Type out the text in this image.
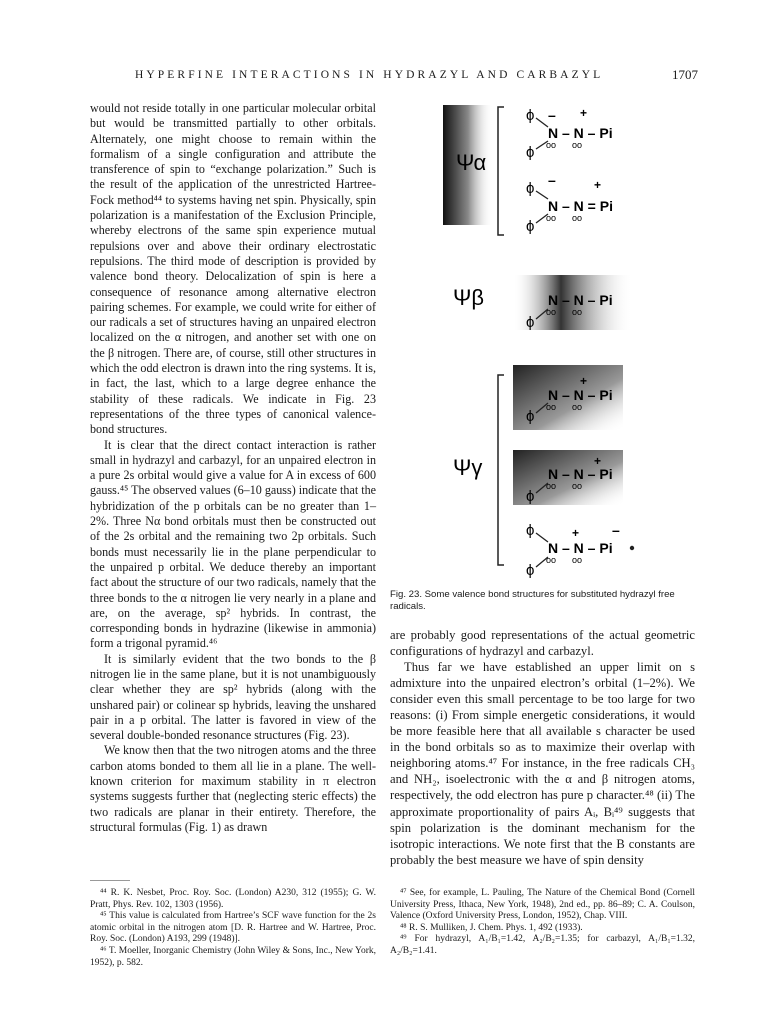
HYPERFINE INTERACTIONS IN HYDRAZYL AND CARBAZYL	1707

would not reside totally in one particular molecular orbital but would be transmitted partially to other orbitals. Alternately, one might choose to remain within the formalism of a single configuration and attribute the transference of spin to “exchange polarization.” Such is the result of the application of the unrestricted Hartree-Fock method⁴⁴ to systems having net spin. Physically, spin polarization is a manifestation of the Exclusion Principle, whereby electrons of the same spin experience mutual repulsions over and above their ordinary electrostatic repulsions. The third mode of description is provided by valence bond theory. Delocalization of spin is here a consequence of resonance among alternative electron pairing schemes. For example, we could write for either of our radicals a set of structures having an unpaired electron localized on the α nitrogen, and another set with one on the β nitrogen. There are, of course, still other structures in which the odd electron is drawn into the ring systems. It is, in fact, the last, which to a large degree enhance the stability of these radicals. We indicate in Fig. 23 representations of the three types of canonical valence-bond structures.

It is clear that the direct contact interaction is rather small in hydrazyl and carbazyl, for an unpaired electron in a pure 2s orbital would give a value for A in excess of 600 gauss.⁴⁵ The observed values (6–10 gauss) indicate that the hybridization of the p orbitals can be no greater than 1–2%. Three Nα bond orbitals must then be constructed out of the 2s orbital and the remaining two 2p orbitals. Such bonds must necessarily lie in the plane perpendicular to the unpaired p orbital. We deduce thereby an important fact about the structure of our two radicals, namely that the three bonds to the α nitrogen lie very nearly in a plane and are, on the average, sp² hybrids. In contrast, the corresponding bonds in hydrazine (likewise in ammonia) form a trigonal pyramid.⁴⁶

It is similarly evident that the two bonds to the β nitrogen lie in the same plane, but it is not unambiguously clear whether they are sp² hybrids (along with the unshared pair) or colinear sp hybrids, leaving the unshared pair in a p orbital. The latter is favored in view of the several double-bonded resonance structures (Fig. 23).

We know then that the two nitrogen atoms and the three carbon atoms bonded to them all lie in a plane. The well-known criterion for maximum stability in π electron systems suggests further that (neglecting steric effects) the two radicals are planar in their entirety. Therefore, the structural formulas (Fig. 1) as drawn

Ψα
ϕ – +
N – N – Pi
oo oo
ϕ
ϕ –	+
N – N = Pi
oo oo
ϕ
Ψβ	N – N – Pi
oo oo
ϕ
Ψγ
+
N – N – Pi
oo oo
ϕ
+
N – N – Pi
oo oo
ϕ
ϕ	+ –
N – N – Pi
oo oo
ϕ
Fig. 23. Some valence bond structures for substituted hydrazyl free radicals.

are probably good representations of the actual geometric configurations of hydrazyl and carbazyl.

Thus far we have established an upper limit on s admixture into the unpaired electron’s orbital (1–2%). We consider even this small percentage to be too large for two reasons: (i) From simple energetic considerations, it would be more feasible here that all available s character be used in the bond orbitals so as to maximize their overlap with neighboring atoms.⁴⁷ For instance, in the free radicals CH₃ and NH₂, isoelectronic with the α and β nitrogen atoms, respectively, the odd electron has pure p character.⁴⁸ (ii) The approximate proportionality of pairs Aᵢ, Bᵢ⁴⁹ suggests that spin polarization is the dominant mechanism for the isotropic interactions. We note first that the B constants are probably the best measure we have of spin density

⁴⁴ R. K. Nesbet, Proc. Roy. Soc. (London) A230, 312 (1955); G. W. Pratt, Phys. Rev. 102, 1303 (1956).

⁴⁵ This value is calculated from Hartree’s SCF wave function for the 2s atomic orbital in the nitrogen atom [D. R. Hartree and W. Hartree, Proc. Roy. Soc. (London) A193, 299 (1948)].

⁴⁶ T. Moeller, Inorganic Chemistry (John Wiley & Sons, Inc., New York, 1952), p. 582.

⁴⁷ See, for example, L. Pauling, The Nature of the Chemical Bond (Cornell University Press, Ithaca, New York, 1948), 2nd ed., pp. 86–89; C. A. Coulson, Valence (Oxford University Press, London, 1952), Chap. VIII.

⁴⁸ R. S. Mulliken, J. Chem. Phys. 1, 492 (1933).

⁴⁹ For hydrazyl, A₁/B₁=1.42, A₂/B₂=1.35; for carbazyl, A₁/B₁=1.32, A₂/B₂=1.41.
